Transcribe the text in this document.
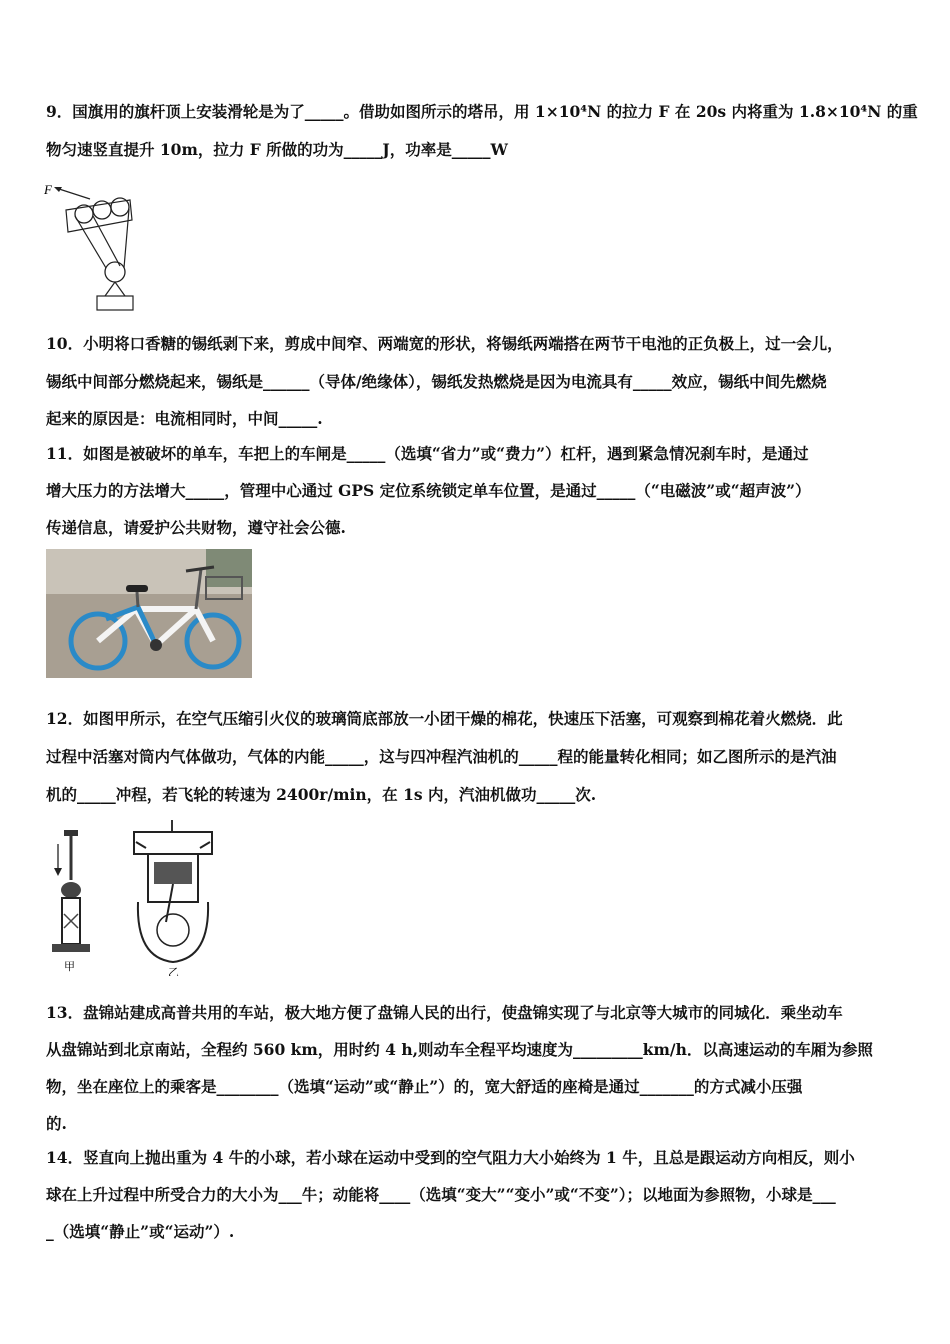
9．国旗用的旗杆顶上安装滑轮是为了_____。借助如图所示的塔吊，用 1×10⁴N 的拉力 F 在 20s 内将重为 1.8×10⁴N 的重
物匀速竖直提升 10m，拉力 F 所做的功为_____J，功率是_____W
F
10．小明将口香糖的锡纸剥下来，剪成中间窄、两端宽的形状，将锡纸两端搭在两节干电池的正负极上，过一会儿，
锡纸中间部分燃烧起来，锡纸是______（导体/绝缘体），锡纸发热燃烧是因为电流具有_____效应，锡纸中间先燃烧
起来的原因是：电流相同时，中间_____.
11．如图是被破坏的单车，车把上的车闸是_____（选填“省力”或“费力”）杠杆，遇到紧急情况刹车时，是通过
增大压力的方法增大_____，管理中心通过 GPS 定位系统锁定单车位置，是通过_____（“电磁波”或“超声波”）
传递信息，请爱护公共财物，遵守社会公德.
12．如图甲所示，在空气压缩引火仪的玻璃筒底部放一小团干燥的棉花，快速压下活塞，可观察到棉花着火燃烧．此
过程中活塞对筒内气体做功，气体的内能_____，这与四冲程汽油机的_____程的能量转化相同；如乙图所示的是汽油
机的_____冲程，若飞轮的转速为 2400r/min，在 1s 内，汽油机做功_____次.
甲	乙
13．盘锦站建成高普共用的车站，极大地方便了盘锦人民的出行，使盘锦实现了与北京等大城市的同城化．乘坐动车
从盘锦站到北京南站，全程约 560 km，用时约 4 h,则动车全程平均速度为_________km/h．以高速运动的车厢为参照
物，坐在座位上的乘客是________（选填“运动”或“静止”）的，宽大舒适的座椅是通过_______的方式减小压强
的.
14．竖直向上抛出重为 4 牛的小球，若小球在运动中受到的空气阻力大小始终为 1 牛，且总是跟运动方向相反，则小
球在上升过程中所受合力的大小为___牛；动能将____（选填“变大”“变小”或“不变”）；以地面为参照物，小球是___
_（选填“静止”或“运动”）.
